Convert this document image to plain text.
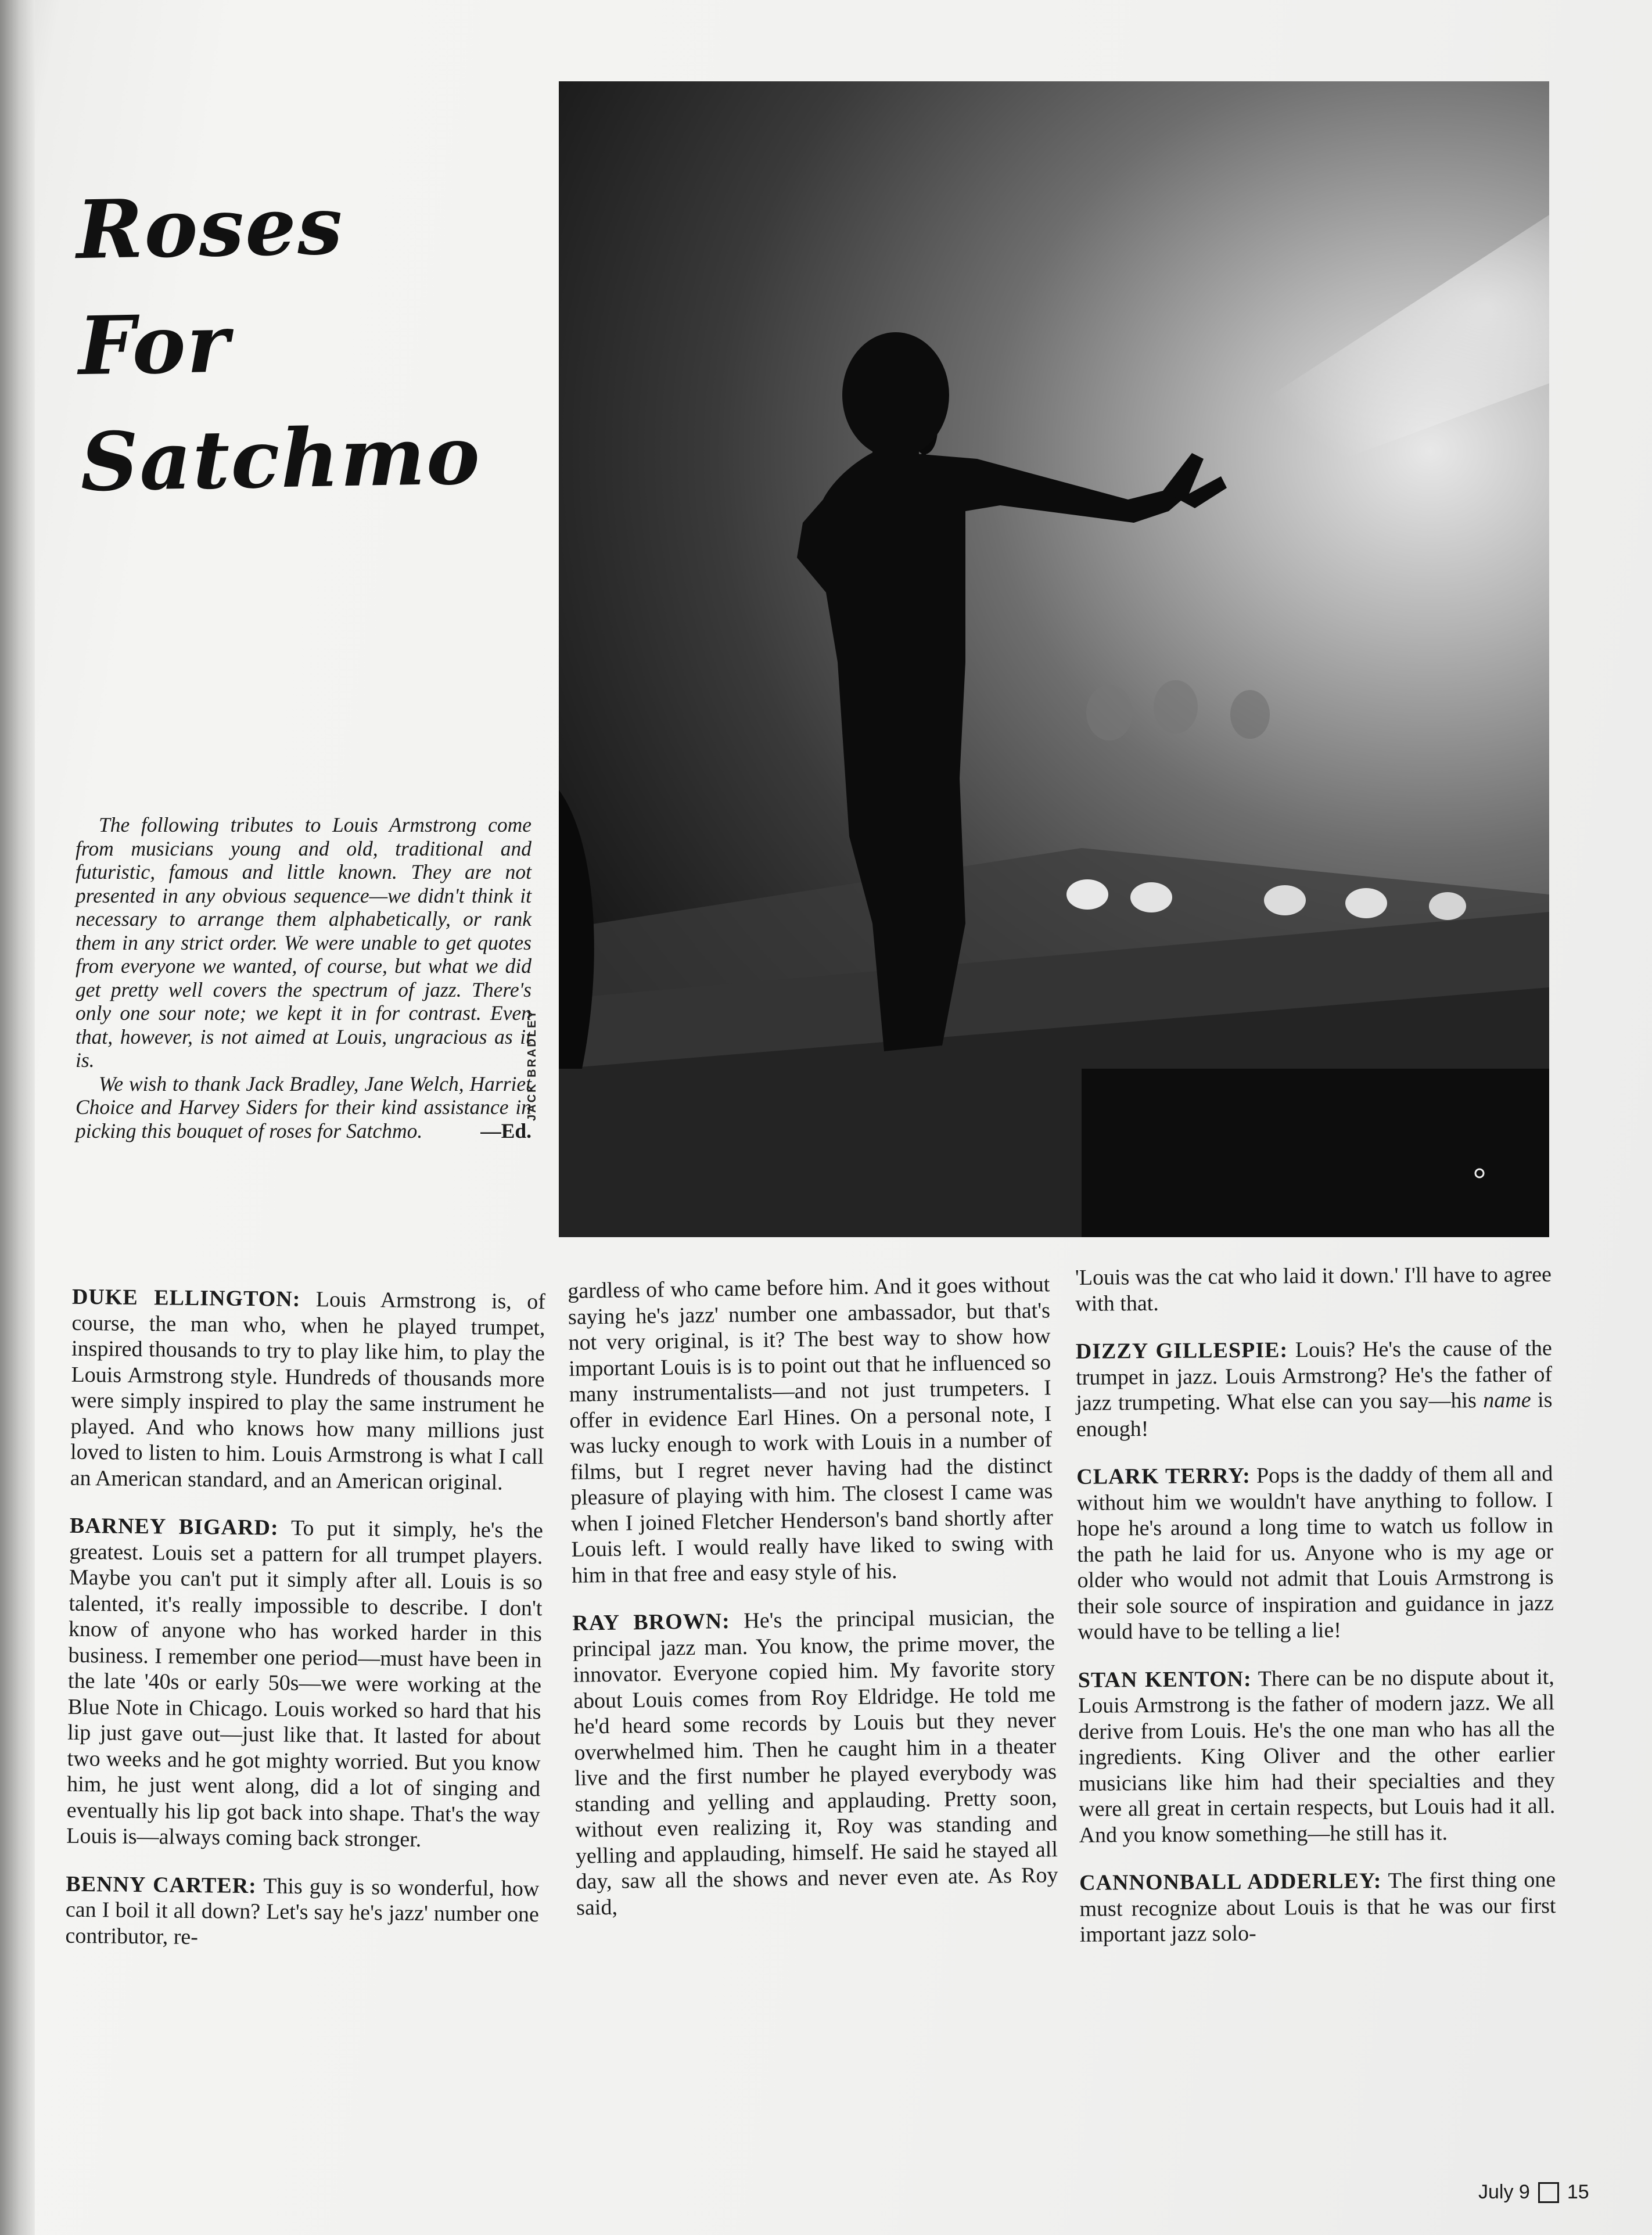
Roses
For
Satchmo
JACK BRADLEY

The following tributes to Louis Armstrong come from musicians young and old, traditional and futuristic, famous and little known. They are not presented in any obvious sequence—we didn't think it necessary to arrange them alphabetically, or rank them in any strict order. We were unable to get quotes from everyone we wanted, of course, but what we did get pretty well covers the spectrum of jazz. There's only one sour note; we kept it in for contrast. Even that, however, is not aimed at Louis, ungracious as it is.

We wish to thank Jack Bradley, Jane Welch, Harriet Choice and Harvey Siders for their kind assistance in picking this bouquet of roses for Satchmo.	—Ed.

DUKE ELLINGTON: Louis Armstrong is, of course, the man who, when he played trumpet, inspired thousands to try to play like him, to play the Louis Armstrong style. Hundreds of thousands more were simply inspired to play the same instrument he played. And who knows how many millions just loved to listen to him. Louis Armstrong is what I call an American standard, and an American original.

BARNEY BIGARD: To put it simply, he's the greatest. Louis set a pattern for all trumpet players. Maybe you can't put it simply after all. Louis is so talented, it's really impossible to describe. I don't know of anyone who has worked harder in this business. I remember one period—must have been in the late '40s or early 50s—we were working at the Blue Note in Chicago. Louis worked so hard that his lip just gave out—just like that. It lasted for about two weeks and he got mighty worried. But you know him, he just went along, did a lot of singing and eventually his lip got back into shape. That's the way Louis is—always coming back stronger.

BENNY CARTER: This guy is so wonderful, how can I boil it all down? Let's say he's jazz' number one contributor, re-

gardless of who came before him. And it goes without saying he's jazz' number one ambassador, but that's not very original, is it? The best way to show how important Louis is is to point out that he influenced so many instrumentalists—and not just trumpeters. I offer in evidence Earl Hines. On a personal note, I was lucky enough to work with Louis in a number of films, but I regret never having had the distinct pleasure of playing with him. The closest I came was when I joined Fletcher Henderson's band shortly after Louis left. I would really have liked to swing with him in that free and easy style of his.

RAY BROWN: He's the principal musician, the principal jazz man. You know, the prime mover, the innovator. Everyone copied him. My favorite story about Louis comes from Roy Eldridge. He told me he'd heard some records by Louis but they never overwhelmed him. Then he caught him in a theater live and the first number he played everybody was standing and yelling and applauding. Pretty soon, without even realizing it, Roy was standing and yelling and applauding, himself. He said he stayed all day, saw all the shows and never even ate. As Roy said,

'Louis was the cat who laid it down.' I'll have to agree with that.

DIZZY GILLESPIE: Louis? He's the cause of the trumpet in jazz. Louis Armstrong? He's the father of jazz trumpeting. What else can you say—his name is enough!

CLARK TERRY: Pops is the daddy of them all and without him we wouldn't have anything to follow. I hope he's around a long time to watch us follow in the path he laid for us. Anyone who is my age or older who would not admit that Louis Armstrong is their sole source of inspiration and guidance in jazz would have to be telling a lie!

STAN KENTON: There can be no dispute about it, Louis Armstrong is the father of modern jazz. We all derive from Louis. He's the one man who has all the ingredients. King Oliver and the other earlier musicians like him had their specialties and they were all great in certain respects, but Louis had it all. And you know something—he still has it.

CANNONBALL ADDERLEY: The first thing one must recognize about Louis is that he was our first important jazz solo-

July 9 15
